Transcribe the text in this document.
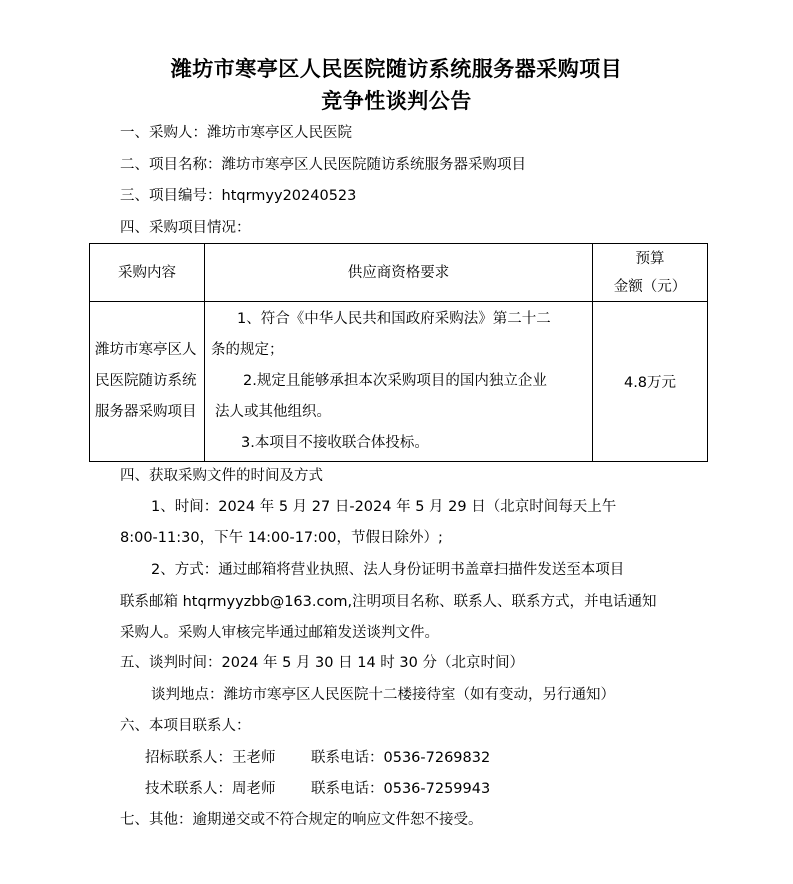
潍坊市寒亭区人民医院随访系统服务器采购项目
竞争性谈判公告
一、采购人：潍坊市寒亭区人民医院
二、项目名称：潍坊市寒亭区人民医院随访系统服务器采购项目
三、项目编号：htqrmyy20240523
四、采购项目情况：
采购内容	供应商资格要求	预算
金额（元）

潍坊市寒亭区人民医院随访系统服务器采购项目	1、符合《中华人民共和国政府采购法》第二十二

条的规定；

2.规定且能够承担本次采购项目的国内独立企业

法人或其他组织。

3.本项目不接收联合体投标。	4.8万元
四、获取采购文件的时间及方式
1、时间：2024 年 5 月 27 日-2024 年 5 月 29 日（北京时间每天上午
8:00-11:30，下午 14:00-17:00，节假日除外）;
2、方式：通过邮箱将营业执照、法人身份证明书盖章扫描件发送至本项目
联系邮箱 htqrmyyzbb@163.com,注明项目名称、联系人、联系方式，并电话通知
采购人。采购人审核完毕通过邮箱发送谈判文件。
五、谈判时间：2024 年 5 月 30 日 14 时 30 分（北京时间）
谈判地点：潍坊市寒亭区人民医院十二楼接待室（如有变动，另行通知）
六、本项目联系人：
招标联系人：王老师 联系电话：0536-7269832
技术联系人：周老师 联系电话：0536-7259943
七、其他：逾期递交或不符合规定的响应文件恕不接受。
